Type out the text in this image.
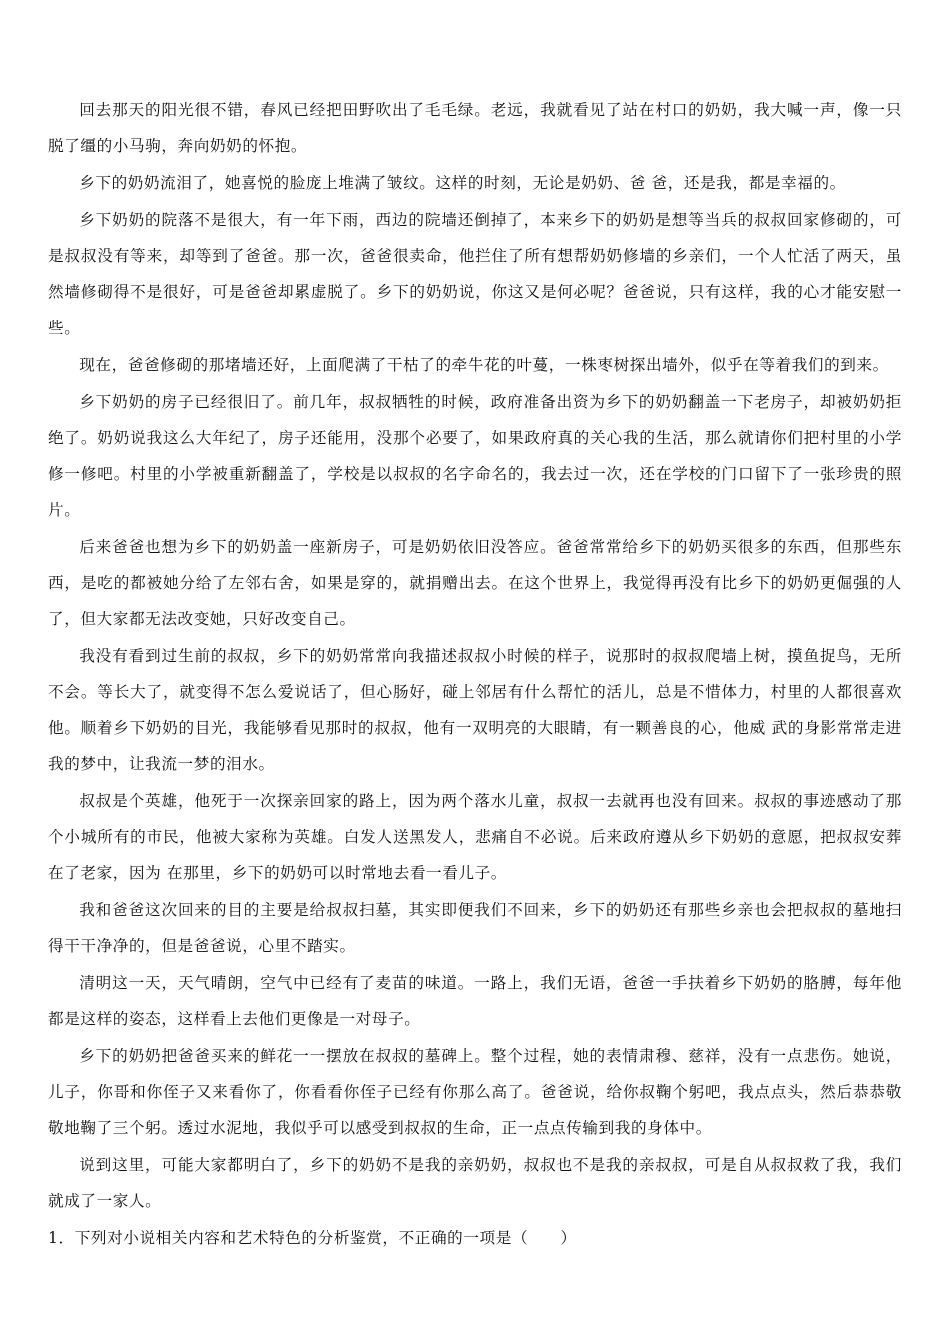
回去那天的阳光很不错，春风已经把田野吹出了毛毛绿。老远，我就看见了站在村口的奶奶，我大喊一声，像一只脱了缰的小马驹，奔向奶奶的怀抱。

乡下的奶奶流泪了，她喜悦的脸庞上堆满了皱纹。这样的时刻，无论是奶奶、爸 爸，还是我，都是幸福的。

乡下奶奶的院落不是很大，有一年下雨，西边的院墙还倒掉了，本来乡下的奶奶是想等当兵的叔叔回家修砌的，可是叔叔没有等来，却等到了爸爸。那一次，爸爸很卖命，他拦住了所有想帮奶奶修墙的乡亲们，一个人忙活了两天，虽然墙修砌得不是很好，可是爸爸却累虚脱了。乡下的奶奶说，你这又是何必呢？爸爸说，只有这样，我的心才能安慰一些。

现在，爸爸修砌的那堵墙还好，上面爬满了干枯了的牵牛花的叶蔓，一株枣树探出墙外，似乎在等着我们的到来。

乡下奶奶的房子已经很旧了。前几年，叔叔牺牲的时候，政府准备出资为乡下的奶奶翻盖一下老房子，却被奶奶拒绝了。奶奶说我这么大年纪了，房子还能用，没那个必要了，如果政府真的关心我的生活，那么就请你们把村里的小学修一修吧。村里的小学被重新翻盖了，学校是以叔叔的名字命名的，我去过一次，还在学校的门口留下了一张珍贵的照片。

后来爸爸也想为乡下的奶奶盖一座新房子，可是奶奶依旧没答应。爸爸常常给乡下的奶奶买很多的东西，但那些东西，是吃的都被她分给了左邻右舍，如果是穿的，就捐赠出去。在这个世界上，我觉得再没有比乡下的奶奶更倔强的人了，但大家都无法改变她，只好改变自己。

我没有看到过生前的叔叔，乡下的奶奶常常向我描述叔叔小时候的样子，说那时的叔叔爬墙上树，摸鱼捉鸟，无所不会。等长大了，就变得不怎么爱说话了，但心肠好，碰上邻居有什么帮忙的活儿，总是不惜体力，村里的人都很喜欢他。顺着乡下奶奶的目光，我能够看见那时的叔叔，他有一双明亮的大眼睛，有一颗善良的心，他威 武的身影常常走进我的梦中，让我流一梦的泪水。

叔叔是个英雄，他死于一次探亲回家的路上，因为两个落水儿童，叔叔一去就再也没有回来。叔叔的事迹感动了那个小城所有的市民，他被大家称为英雄。白发人送黑发人，悲痛自不必说。后来政府遵从乡下奶奶的意愿，把叔叔安葬在了老家，因为 在那里，乡下的奶奶可以时常地去看一看儿子。

我和爸爸这次回来的目的主要是给叔叔扫墓，其实即便我们不回来，乡下的奶奶还有那些乡亲也会把叔叔的墓地扫得干干净净的，但是爸爸说，心里不踏实。

清明这一天，天气晴朗，空气中已经有了麦苗的味道。一路上，我们无语，爸爸一手扶着乡下奶奶的胳膊，每年他都是这样的姿态，这样看上去他们更像是一对母子。

乡下的奶奶把爸爸买来的鲜花一一摆放在叔叔的墓碑上。整个过程，她的表情肃穆、慈祥，没有一点悲伤。她说，儿子，你哥和你侄子又来看你了，你看看你侄子已经有你那么高了。爸爸说，给你叔鞠个躬吧，我点点头，然后恭恭敬敬地鞠了三个躬。透过水泥地，我似乎可以感受到叔叔的生命，正一点点传输到我的身体中。

说到这里，可能大家都明白了，乡下的奶奶不是我的亲奶奶，叔叔也不是我的亲叔叔，可是自从叔叔救了我，我们就成了一家人。

1．下列对小说相关内容和艺术特色的分析鉴赏，不正确的一项是（　　）
